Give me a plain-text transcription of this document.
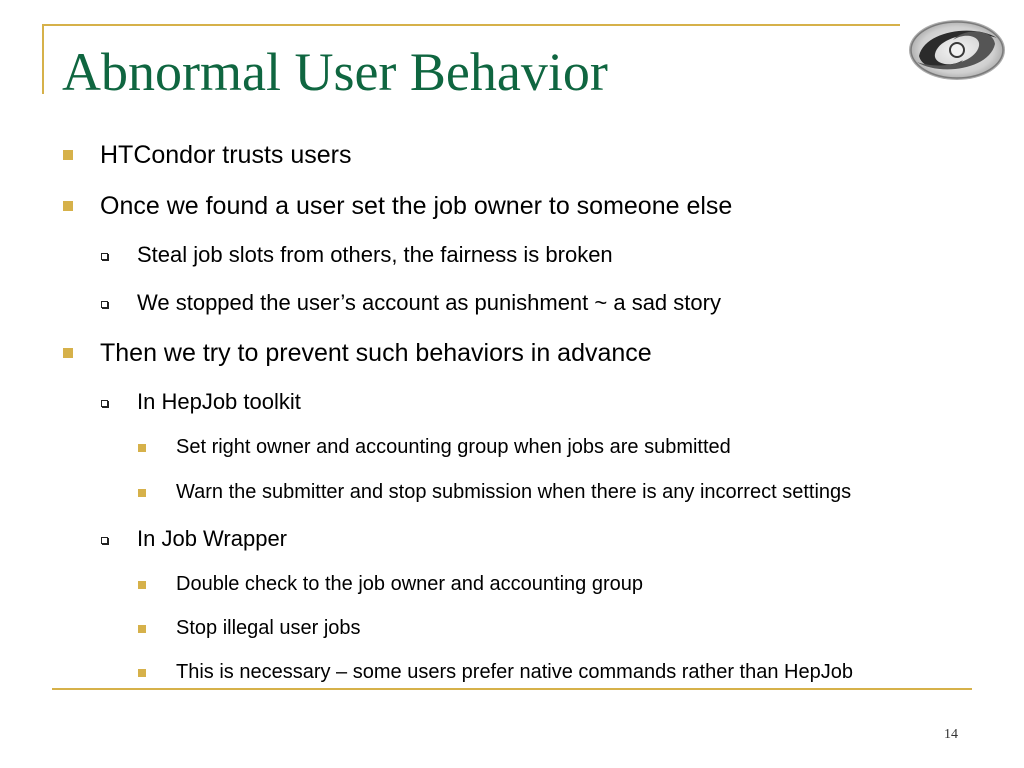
Abnormal User Behavior
HTCondor trusts users
Once we found a user set the job owner to someone else
Steal job slots from others, the fairness is broken
We stopped the user’s account as punishment ~ a sad story
Then we try to prevent such behaviors in advance
In HepJob toolkit
Set right owner and accounting group when jobs are submitted
Warn the submitter and stop submission when there is any incorrect settings
In Job Wrapper
Double check to the job owner and accounting group
Stop illegal user jobs
This is necessary – some users prefer native commands rather than HepJob
14
